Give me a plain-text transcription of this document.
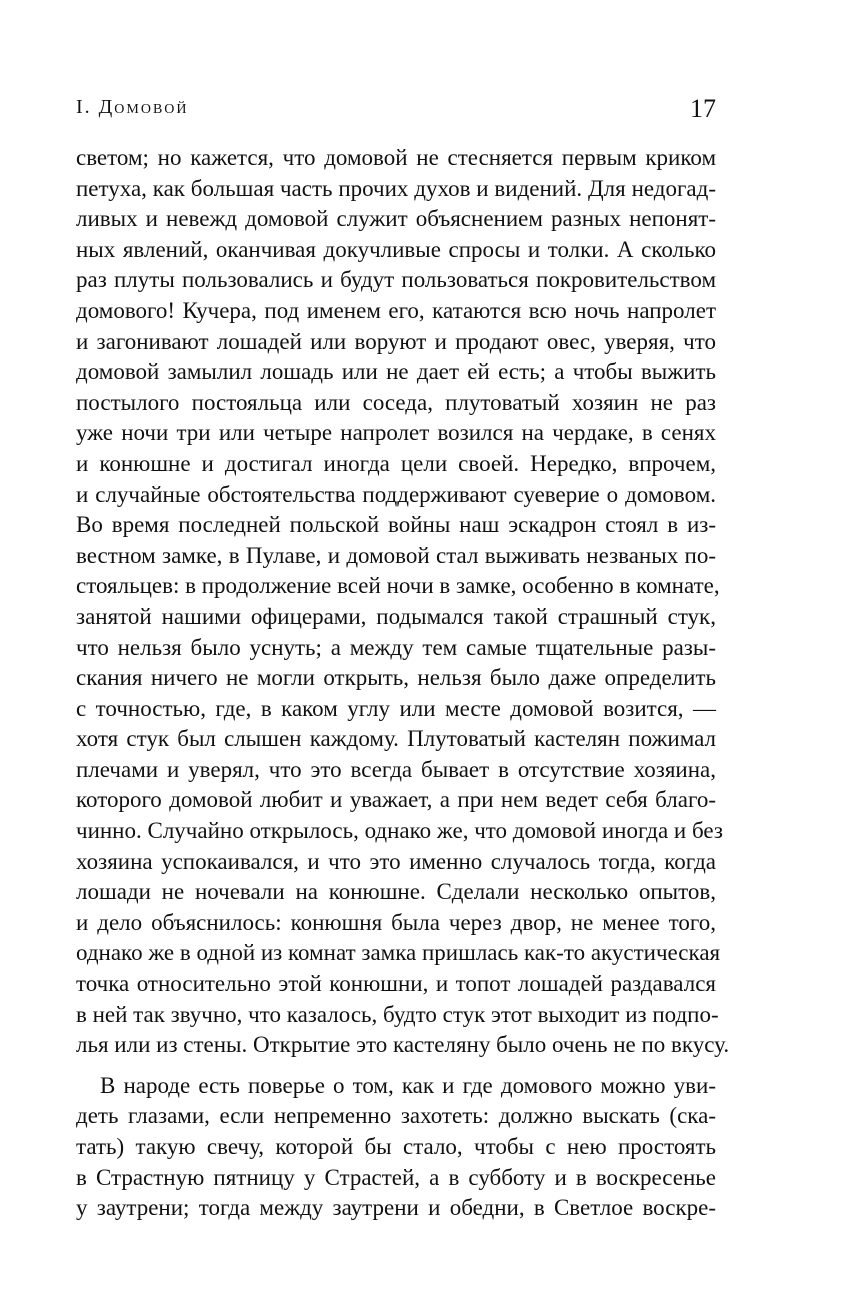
I. Домовой	17
светом; но кажется, что домовой не стесняется первым криком
петуха, как большая часть прочих духов и видений. Для недогад-
ливых и невежд домовой служит объяснением разных непонят-
ных явлений, оканчивая докучливые спросы и толки. А сколько
раз плуты пользовались и будут пользоваться покровительством
домового! Кучера, под именем его, катаются всю ночь напролет
и загонивают лошадей или воруют и продают овес, уверяя, что
домовой замылил лошадь или не дает ей есть; а чтобы выжить
постылого постояльца или соседа, плутоватый хозяин не раз
уже ночи три или четыре напролет возился на чердаке, в сенях
и конюшне и достигал иногда цели своей. Нередко, впрочем,
и случайные обстоятельства поддерживают суеверие о домовом.
Во время последней польской войны наш эскадрон стоял в из-
вестном замке, в Пулаве, и домовой стал выживать незваных по-
стояльцев: в продолжение всей ночи в замке, особенно в комнате,
занятой нашими офицерами, подымался такой страшный стук,
что нельзя было уснуть; а между тем самые тщательные разы-
скания ничего не могли открыть, нельзя было даже определить
с точностью, где, в каком углу или месте домовой возится, —
хотя стук был слышен каждому. Плутоватый кастелян пожимал
плечами и уверял, что это всегда бывает в отсутствие хозяина,
которого домовой любит и уважает, а при нем ведет себя благо-
чинно. Случайно открылось, однако же, что домовой иногда и без
хозяина успокаивался, и что это именно случалось тогда, когда
лошади не ночевали на конюшне. Сделали несколько опытов,
и дело объяснилось: конюшня была через двор, не менее того,
однако же в одной из комнат замка пришлась как-то акустическая
точка относительно этой конюшни, и топот лошадей раздавался
в ней так звучно, что казалось, будто стук этот выходит из подпо-
лья или из стены. Открытие это кастеляну было очень не по вкусу.
В народе есть поверье о том, как и где домового можно уви-
деть глазами, если непременно захотеть: должно выскать (ска-
тать) такую свечу, которой бы стало, чтобы с нею простоять
в Страстную пятницу у Страстей, а в субботу и в воскресенье
у заутрени; тогда между заутрени и обедни, в Светлое воскре-
